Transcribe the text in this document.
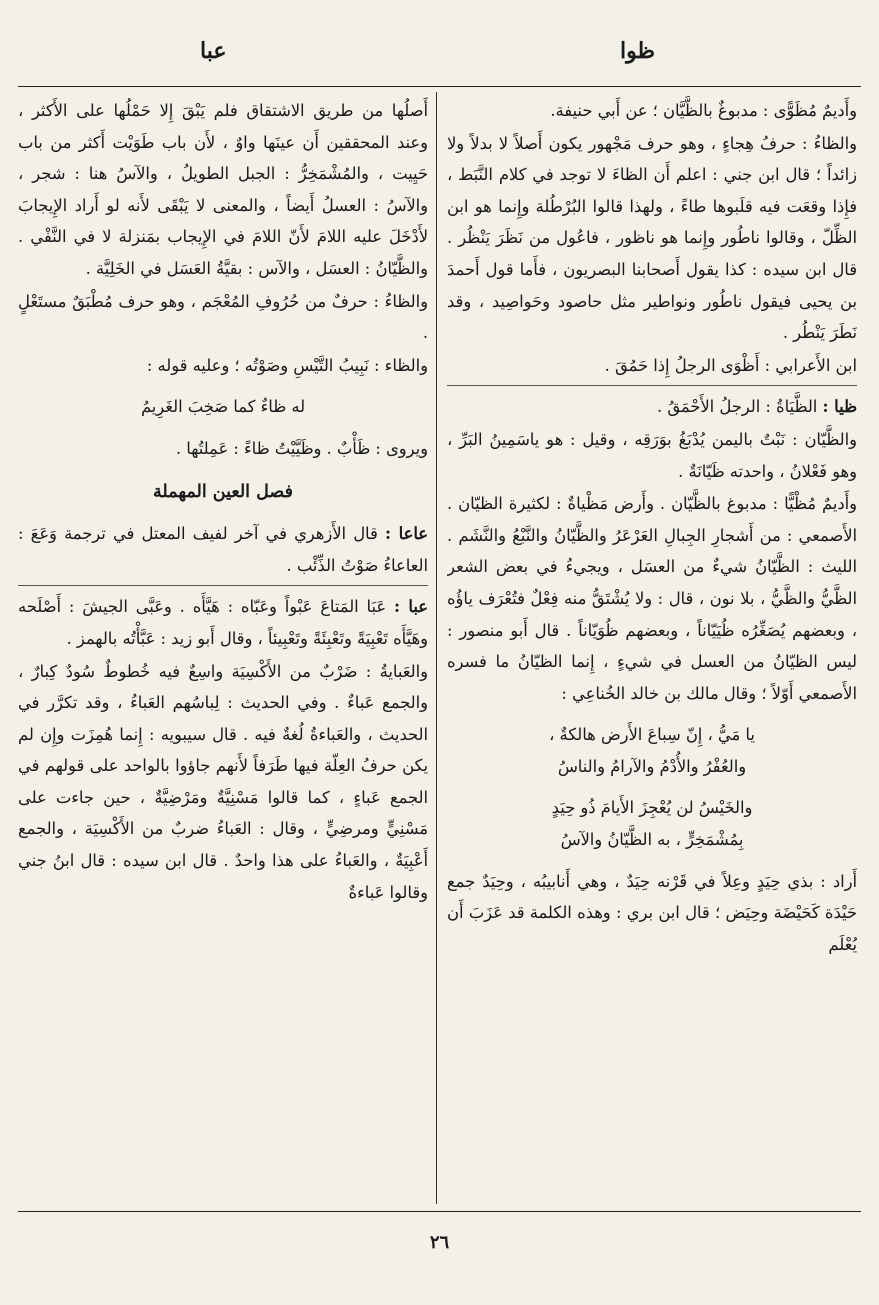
عبا	ظوا
وأَديمٌ مُظَوًّى : مدبوغٌ بالظَّيَّان ؛ عن أَبي حنيفة.
والظاءُ : حرفُ هِجاءٍ ، وهو حرف مَجْهور يكون أَصلاً لا بدلاً ولا زائداً ؛ قال ابن جني : اعلم أَن الظاءَ لا توجد في كلام النَّبَط ، فإِذا وقعَت فيه قلَبوها طاءً ، ولهذا قالوا البُرْطُلة وإِنما هو ابن الظِّلّ ، وقالوا ناطُور وإِنما هو ناظور ، فاعُول من نَظَرَ يَنْظُر . قال ابن سيده : كذا يقول أَصحابنا البصريون ، فأَما قول أَحمدَ بن يحيى فيقول ناطُور ونواطير مثل حاصود وحَواصِيد ، وقد نَطَرَ يَنْطُر .
ابن الأَعرابي : أَظْوَى الرجلُ إِذا حَمُقَ .
ظيا : الظَّيَاةُ : الرجلُ الأَحْمَقُ .
والظَّيّان : نَبْتٌ باليمن يُدْبَغُ بوَرَقِه ، وقيل : هو ياسَمِينُ البَرِّ ، وهو فَعْلانُ ، واحدته ظَيّانَةٌ .
وأَديمٌ مُظْيًّا : مدبوغ بالظَّيّان . وأَرض مَظْياةٌ : لكثيرة الظيّان . الأَصمعي : من أَشجارِ الجِبالِ العَرْعَرُ والظَّيّانُ والنَّبْعُ والنَّشَم . الليث : الظَّيّانُ شيءٌ من العسَل ، ويجيءُ في بعض الشعر الظَّيُّ والظَّيُّ ، بلا نون ، قال : ولا يُشْتَقُّ منه فِعْلٌ فتُعْرَف ياؤُه ، وبعضهم يُصَغِّرُه ظُيَيّاناً ، وبعضهم ظُوَيّاناً . قال أَبو منصور : ليس الظيّانُ من العسل في شيءٍ ، إِنما الظيّانُ ما فسره الأَصمعي أَوّلاً ؛ وقال مالك بن خالد الخُناعِي :
يا مَيُّ ، إِنّ سِباعَ الأَرض هالكةٌ ،
والعُفْرُ والأُدْمُ والآرامُ والناسُ
والخَيْسُ لن يُعْجِزَ الأَيامَ ذُو حِيَدٍ
بِمُشْمَخِرٍّ ، به الظَّيّانُ والآسُ
أَراد : بذي حِيَدٍ وعِلاً في قَرْنه حِيَدٌ ، وهي أَنابيبُه ، وحِيَدٌ جمع حَيْدَة كَحَيْضَة وحِيَض ؛ قال ابن بري : وهذه الكلمة قد عَزَبَ أَن يُعْلَم
أَصلُها من طريق الاشتقاق فلم يَبْقَ إِلا حَمْلُها على الأَكثر ، وعند المحققين أَن عينَها واوٌ ، لأَن باب طَوَيْت أَكثر من باب حَيِيت ، والمُشْمَخِرُّ : الجبل الطويلُ ، والآسُ هنا : شجر ، والآسُ : العسلُ أَيضاً ، والمعنى لا يَبْقَى لأَنه لو أَراد الإِيجابَ لأَدْخَلَ عليه اللامَ لأَنّ اللامَ في الإِيجاب بمَنزلة لا في النَّفْي . والظَّيّانُ : العسَل ، والآس : بقيَّةُ العَسَل في الخَلِيَّة .
والظاءُ : حرفٌ من حُرُوفِ المُعْجَم ، وهو حرف مُطْبَقٌ مستَعْلٍ .
والظاء : نَبِيبُ التَّيْسِ وصَوْتُه ؛ وعليه قوله :
له ظاءٌ كما صَخِبَ الغَرِيمُ
ويروى : ظَأْبٌ . وظَيَّيْتُ ظاءً : عَمِلتُها .
فصل العين المهملة
عاعا : قال الأَزهري في آخر لفيف المعتل في ترجمة وَعَعَ : العاعاءُ صَوْتُ الذِّئْب .
عبا : عَبَا المَتاعَ عَبْواً وعَبّاه : هَيَّأَه . وعَبَّى الجيشَ : أَصْلَحه وهَيَّأَه تَعْبِيَةً وتَعْبِئَةً وتَعْبِيئاً ، وقال أَبو زيد : عَبَّأْتُه بالهمز .
والعَبايةُ : ضَرْبٌ من الأَكْسِيَة واسِعٌ فيه خُطوطٌ سُودٌ كِبارٌ ، والجمع عَباءٌ . وفي الحديث : لِباسُهم العَباءُ ، وقد تكرَّر في الحديث ، والعَباءةُ لُغةٌ فيه . قال سيبويه : إِنما هُمِزَت وإِن لم يكن حرفُ العِلّة فيها طَرَفاً لأَنهم جاؤوا بالواحد على قولهم في الجمع عَباءٍ ، كما قالوا مَسْنِيَّةٌ ومَرْضِيَّةٌ ، حين جاءت على مَسْنِيٍّ ومرضِيٍّ ، وقال : العَباءُ ضربٌ من الأَكْسِيَة ، والجمع أَعْبِيَةٌ ، والعَباءُ على هذا واحدٌ . قال ابن سيده : قال ابنُ جني وقالوا عَباءةٌ
٢٦
